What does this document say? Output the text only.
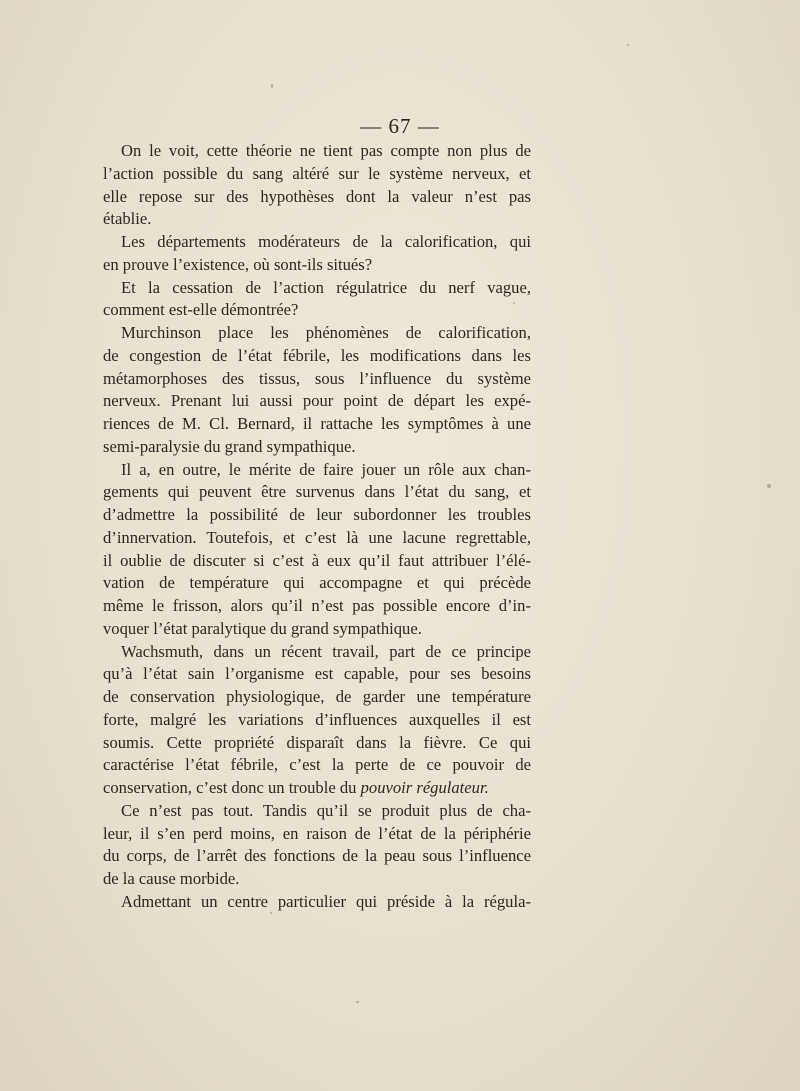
— 67 —
On le voit, cette théorie ne tient pas compte non plus de
l’action possible du sang altéré sur le système nerveux, et
elle repose sur des hypothèses dont la valeur n’est pas
établie.
Les départements modérateurs de la calorification, qui
en prouve l’existence, où sont-ils situés?
Et la cessation de l’action régulatrice du nerf vague,
comment est-elle démontrée?
Murchinson place les phénomènes de calorification,
de congestion de l’état fébrile, les modifications dans les
métamorphoses des tissus, sous l’influence du système
nerveux. Prenant lui aussi pour point de départ les expé-
riences de M. Cl. Bernard, il rattache les symptômes à une
semi-paralysie du grand sympathique.
Il a, en outre, le mérite de faire jouer un rôle aux chan-
gements qui peuvent être survenus dans l’état du sang, et
d’admettre la possibilité de leur subordonner les troubles
d’innervation. Toutefois, et c’est là une lacune regrettable,
il oublie de discuter si c’est à eux qu’il faut attribuer l’élé-
vation de température qui accompagne et qui précède
même le frisson, alors qu’il n’est pas possible encore d’in-
voquer l’état paralytique du grand sympathique.
Wachsmuth, dans un récent travail, part de ce principe
qu’à l’état sain l’organisme est capable, pour ses besoins
de conservation physiologique, de garder une température
forte, malgré les variations d’influences auxquelles il est
soumis. Cette propriété disparaît dans la fièvre. Ce qui
caractérise l’état fébrile, c’est la perte de ce pouvoir de
conservation, c’est donc un trouble du pouvoir régulateur.
Ce n’est pas tout. Tandis qu’il se produit plus de cha-
leur, il s’en perd moins, en raison de l’état de la périphérie
du corps, de l’arrêt des fonctions de la peau sous l’influence
de la cause morbide.
Admettant un centre particulier qui préside à la régula-
